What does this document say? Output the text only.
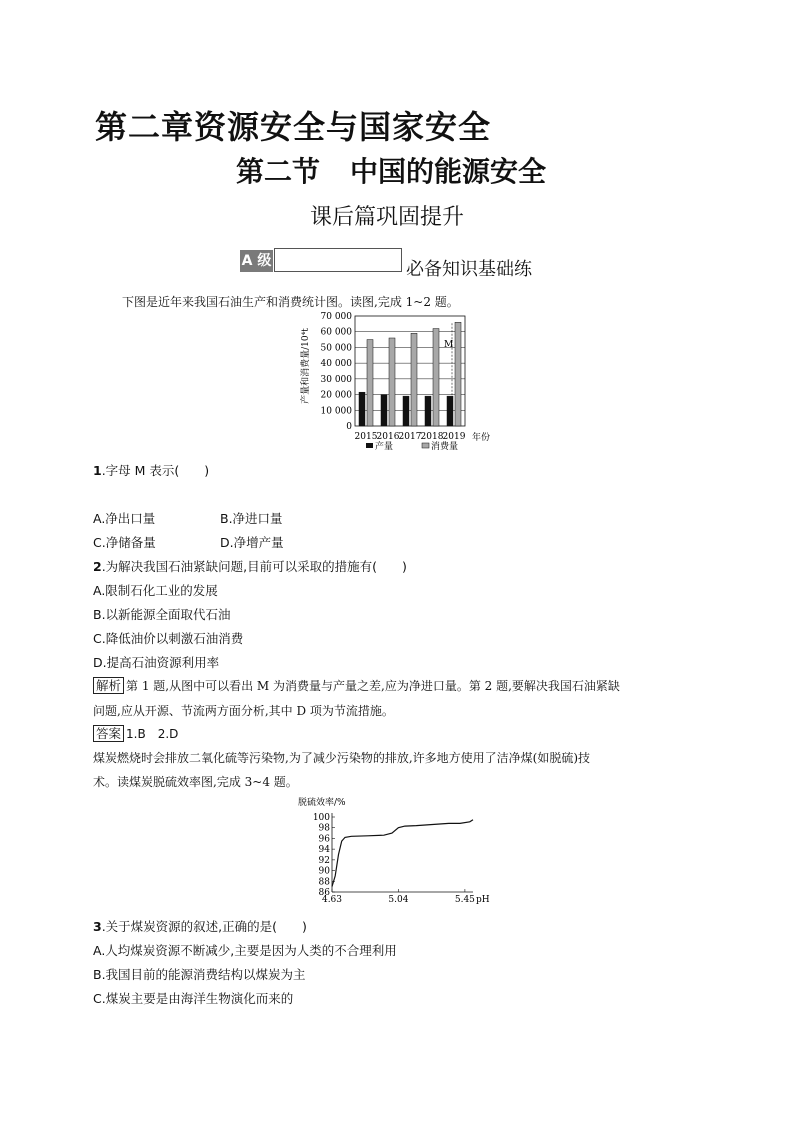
第二章资源安全与国家安全
第二节 中国的能源安全
课后篇巩固提升
A 级	必备知识基础练
下图是近年来我国石油生产和消费统计图。读图,完成 1~2 题。
0
10 000
20 000
30 000
40 000
50 000
60 000
70 000
2015 2016 2017 2018 2019
产量和消费量/10⁴t
年份
产量	消费量
M
1.字母 M 表示(　　)
A.净出口量	B.净进口量
C.净储备量	D.净增产量
2.为解决我国石油紧缺问题,目前可以采取的措施有(　　)
A.限制石化工业的发展
B.以新能源全面取代石油
C.降低油价以刺激石油消费
D.提高石油资源利用率
解析 第 1 题,从图中可以看出 M 为消费量与产量之差,应为净进口量。第 2 题,要解决我国石油紧缺
问题,应从开源、节流两方面分析,其中 D 项为节流措施。
答案 1.B　2.D
煤炭燃烧时会排放二氧化硫等污染物,为了减少污染物的排放,许多地方使用了洁净煤(如脱硫)技
术。读煤炭脱硫效率图,完成 3~4 题。
脱硫效率/%
86
88
90
92
94
96
98
100
4.63	5.04	5.45 pH
3.关于煤炭资源的叙述,正确的是(　　)
A.人均煤炭资源不断减少,主要是因为人类的不合理利用
B.我国目前的能源消费结构以煤炭为主
C.煤炭主要是由海洋生物演化而来的
